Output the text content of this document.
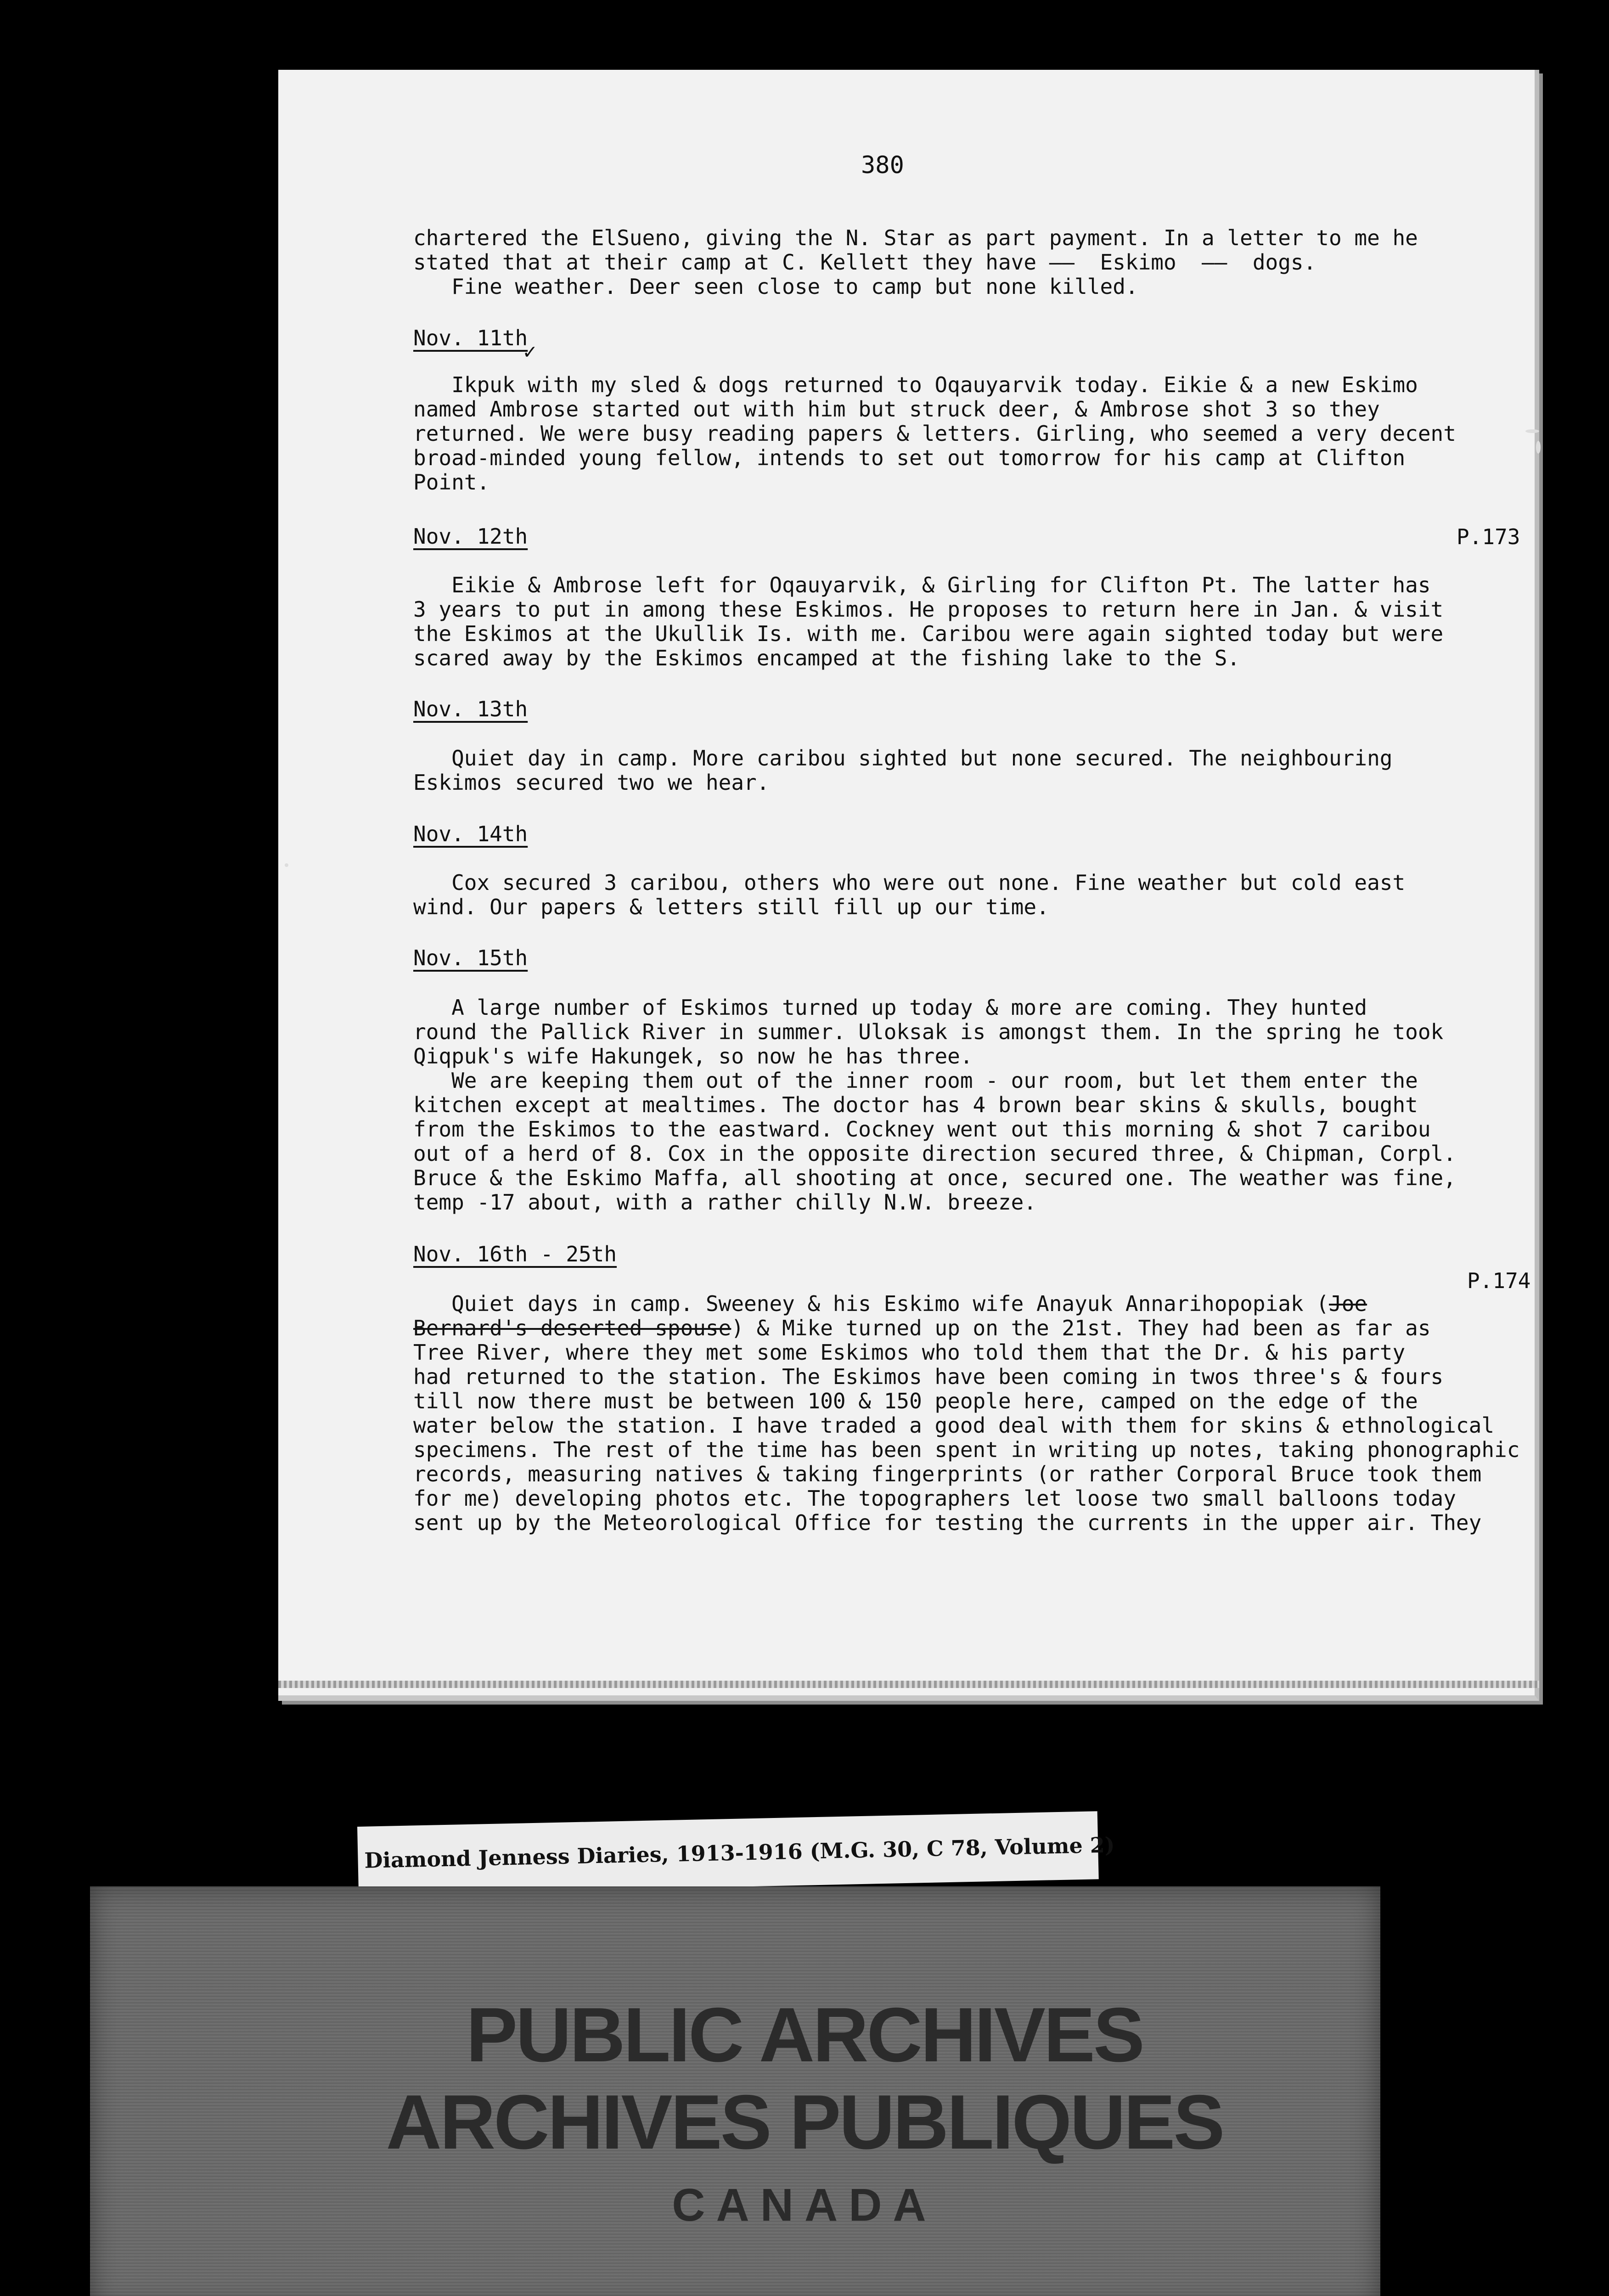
380

chartered the ElSueno, giving the N. Star as part payment. In a letter to me he

stated that at their camp at C. Kellett they have ——  Eskimo  ——  dogs.

Fine weather. Deer seen close to camp but none killed.

Nov. 11th

✓

Ikpuk with my sled & dogs returned to Oqauyarvik today. Eikie & a new Eskimo

named Ambrose started out with him but struck deer, & Ambrose shot 3 so they

returned. We were busy reading papers & letters. Girling, who seemed a very decent

broad-minded young fellow, intends to set out tomorrow for his camp at Clifton

Point.

Nov. 12th	P.173

Eikie & Ambrose left for Oqauyarvik, & Girling for Clifton Pt. The latter has

3 years to put in among these Eskimos. He proposes to return here in Jan. & visit

the Eskimos at the Ukullik Is. with me. Caribou were again sighted today but were

scared away by the Eskimos encamped at the fishing lake to the S.

Nov. 13th

Quiet day in camp. More caribou sighted but none secured. The neighbouring

Eskimos secured two we hear.

Nov. 14th

Cox secured 3 caribou, others who were out none. Fine weather but cold east

wind. Our papers & letters still fill up our time.

Nov. 15th

A large number of Eskimos turned up today & more are coming. They hunted

round the Pallick River in summer. Uloksak is amongst them. In the spring he took

Qiqpuk's wife Hakungek, so now he has three.

We are keeping them out of the inner room - our room, but let them enter the

kitchen except at mealtimes. The doctor has 4 brown bear skins & skulls, bought

from the Eskimos to the eastward. Cockney went out this morning & shot 7 caribou

out of a herd of 8. Cox in the opposite direction secured three, & Chipman, Corpl.

Bruce & the Eskimo Maffa, all shooting at once, secured one. The weather was fine,

temp -17 about, with a rather chilly N.W. breeze.

Nov. 16th - 25th

P.174

Quiet days in camp. Sweeney & his Eskimo wife Anayuk Annarihopopiak (Joe

Bernard's deserted spouse) & Mike turned up on the 21st. They had been as far as

Tree River, where they met some Eskimos who told them that the Dr. & his party

had returned to the station. The Eskimos have been coming in twos three's & fours

till now there must be between 100 & 150 people here, camped on the edge of the

water below the station. I have traded a good deal with them for skins & ethnological

specimens. The rest of the time has been spent in writing up notes, taking phonographic

records, measuring natives & taking fingerprints (or rather Corporal Bruce took them

for me) developing photos etc. The topographers let loose two small balloons today

sent up by the Meteorological Office for testing the currents in the upper air. They

Diamond Jenness Diaries, 1913-1916 (M.G. 30, C 78, Volume 2)
PUBLIC ARCHIVES
ARCHIVES PUBLIQUES
CANADA
